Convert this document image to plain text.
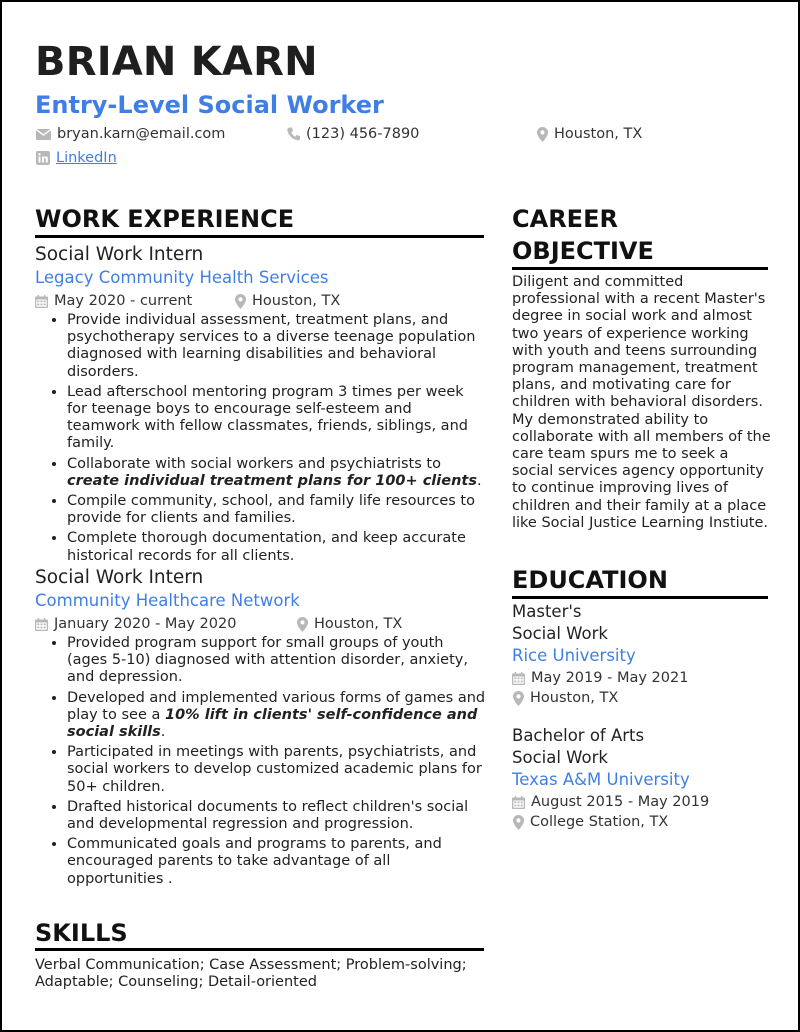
BRIAN KARN
Entry-Level Social Worker
bryan.karn@email.com	(123) 456-7890	Houston, TX
LinkedIn
WORK EXPERIENCE
Social Work Intern
Legacy Community Health Services
May 2020 - current	Houston, TX
• Provide individual assessment, treatment plans, and psychotherapy services to a diverse teenage population diagnosed with learning disabilities and behavioral disorders.
• Lead afterschool mentoring program 3 times per week for teenage boys to encourage self-esteem and teamwork with fellow classmates, friends, siblings, and family.
• Collaborate with social workers and psychiatrists to create individual treatment plans for 100+ clients.
• Compile community, school, and family life resources to provide for clients and families.
• Complete thorough documentation, and keep accurate historical records for all clients.
Social Work Intern
Community Healthcare Network
January 2020 - May 2020	Houston, TX
• Provided program support for small groups of youth (ages 5-10) diagnosed with attention disorder, anxiety, and depression.
• Developed and implemented various forms of games and play to see a 10% lift in clients' self-confidence and social skills.
• Participated in meetings with parents, psychiatrists, and social workers to develop customized academic plans for 50+ children.
• Drafted historical documents to reflect children's social and developmental regression and progression.
• Communicated goals and programs to parents, and encouraged parents to take advantage of all opportunities .
SKILLS
Verbal Communication; Case Assessment; Problem-solving; Adaptable; Counseling; Detail-oriented
CAREER
OBJECTIVE
Diligent and committed professional with a recent Master's degree in social work and almost two years of experience working with youth and teens surrounding program management, treatment plans, and motivating care for children with behavioral disorders. My demonstrated ability to collaborate with all members of the care team spurs me to seek a social services agency opportunity to continue improving lives of children and their family at a place like Social Justice Learning Instiute.
EDUCATION
Master's
Social Work
Rice University
May 2019 - May 2021
Houston, TX
Bachelor of Arts
Social Work
Texas A&M University
August 2015 - May 2019
College Station, TX
